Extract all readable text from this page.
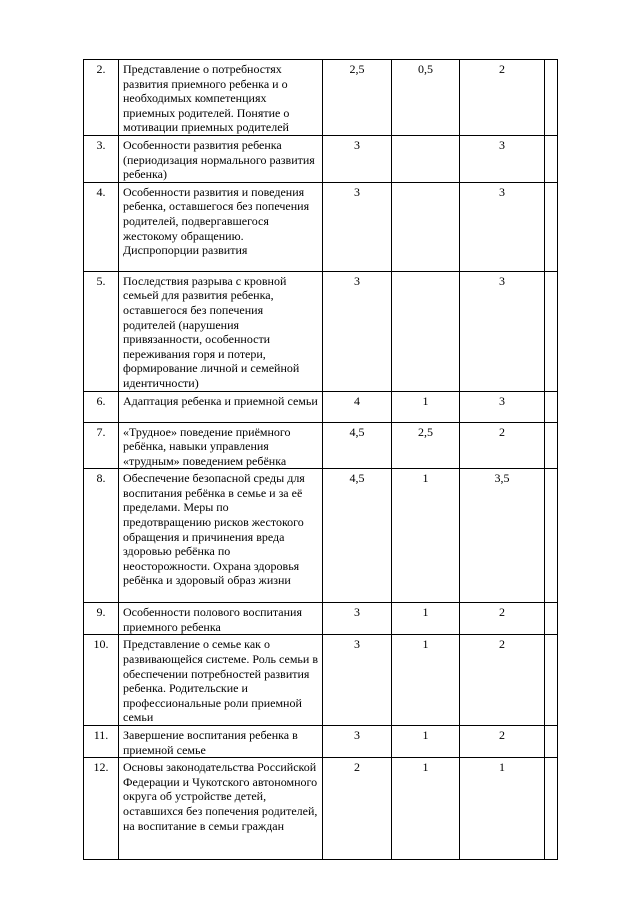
2.	Представление о потребностях развития приемного ребенка и о необходимых компетенциях приемных родителей. Понятие о мотивации приемных родителей	2,5	0,5	2	
3.	Особенности развития ребенка (периодизация нормального развития ребенка)	3		3	
4.	Особенности развития и поведения ребенка, оставшегося без попечения родителей, подвергавшегося жестокому обращению. Диспропорции развития	3		3	
5.	Последствия разрыва с кровной семьей для развития ребенка, оставшегося без попечения родителей (нарушения привязанности, особенности переживания горя и потери, формирование личной и семейной идентичности)	3		3	
6.	Адаптация ребенка и приемной семьи	4	1	3	
7.	«Трудное» поведение приёмного ребёнка, навыки управления «трудным» поведением ребёнка	4,5	2,5	2	
8.	Обеспечение безопасной среды для воспитания ребёнка в семье и за её пределами. Меры по предотвращению рисков жестокого обращения и причинения вреда здоровью ребёнка по неосторожности. Охрана здоровья ребёнка и здоровый образ жизни	4,5	1	3,5	
9.	Особенности полового воспитания приемного ребенка	3	1	2	
10.	Представление о семье как о развивающейся системе. Роль семьи в обеспечении потребностей развития ребенка. Родительские и профессиональные роли приемной семьи	3	1	2	
11.	Завершение воспитания ребенка в приемной семье	3	1	2	
12.	Основы законодательства Российской Федерации и Чукотского автономного округа об устройстве детей, оставшихся без попечения родителей, на воспитание в семьи граждан	2	1	1	
